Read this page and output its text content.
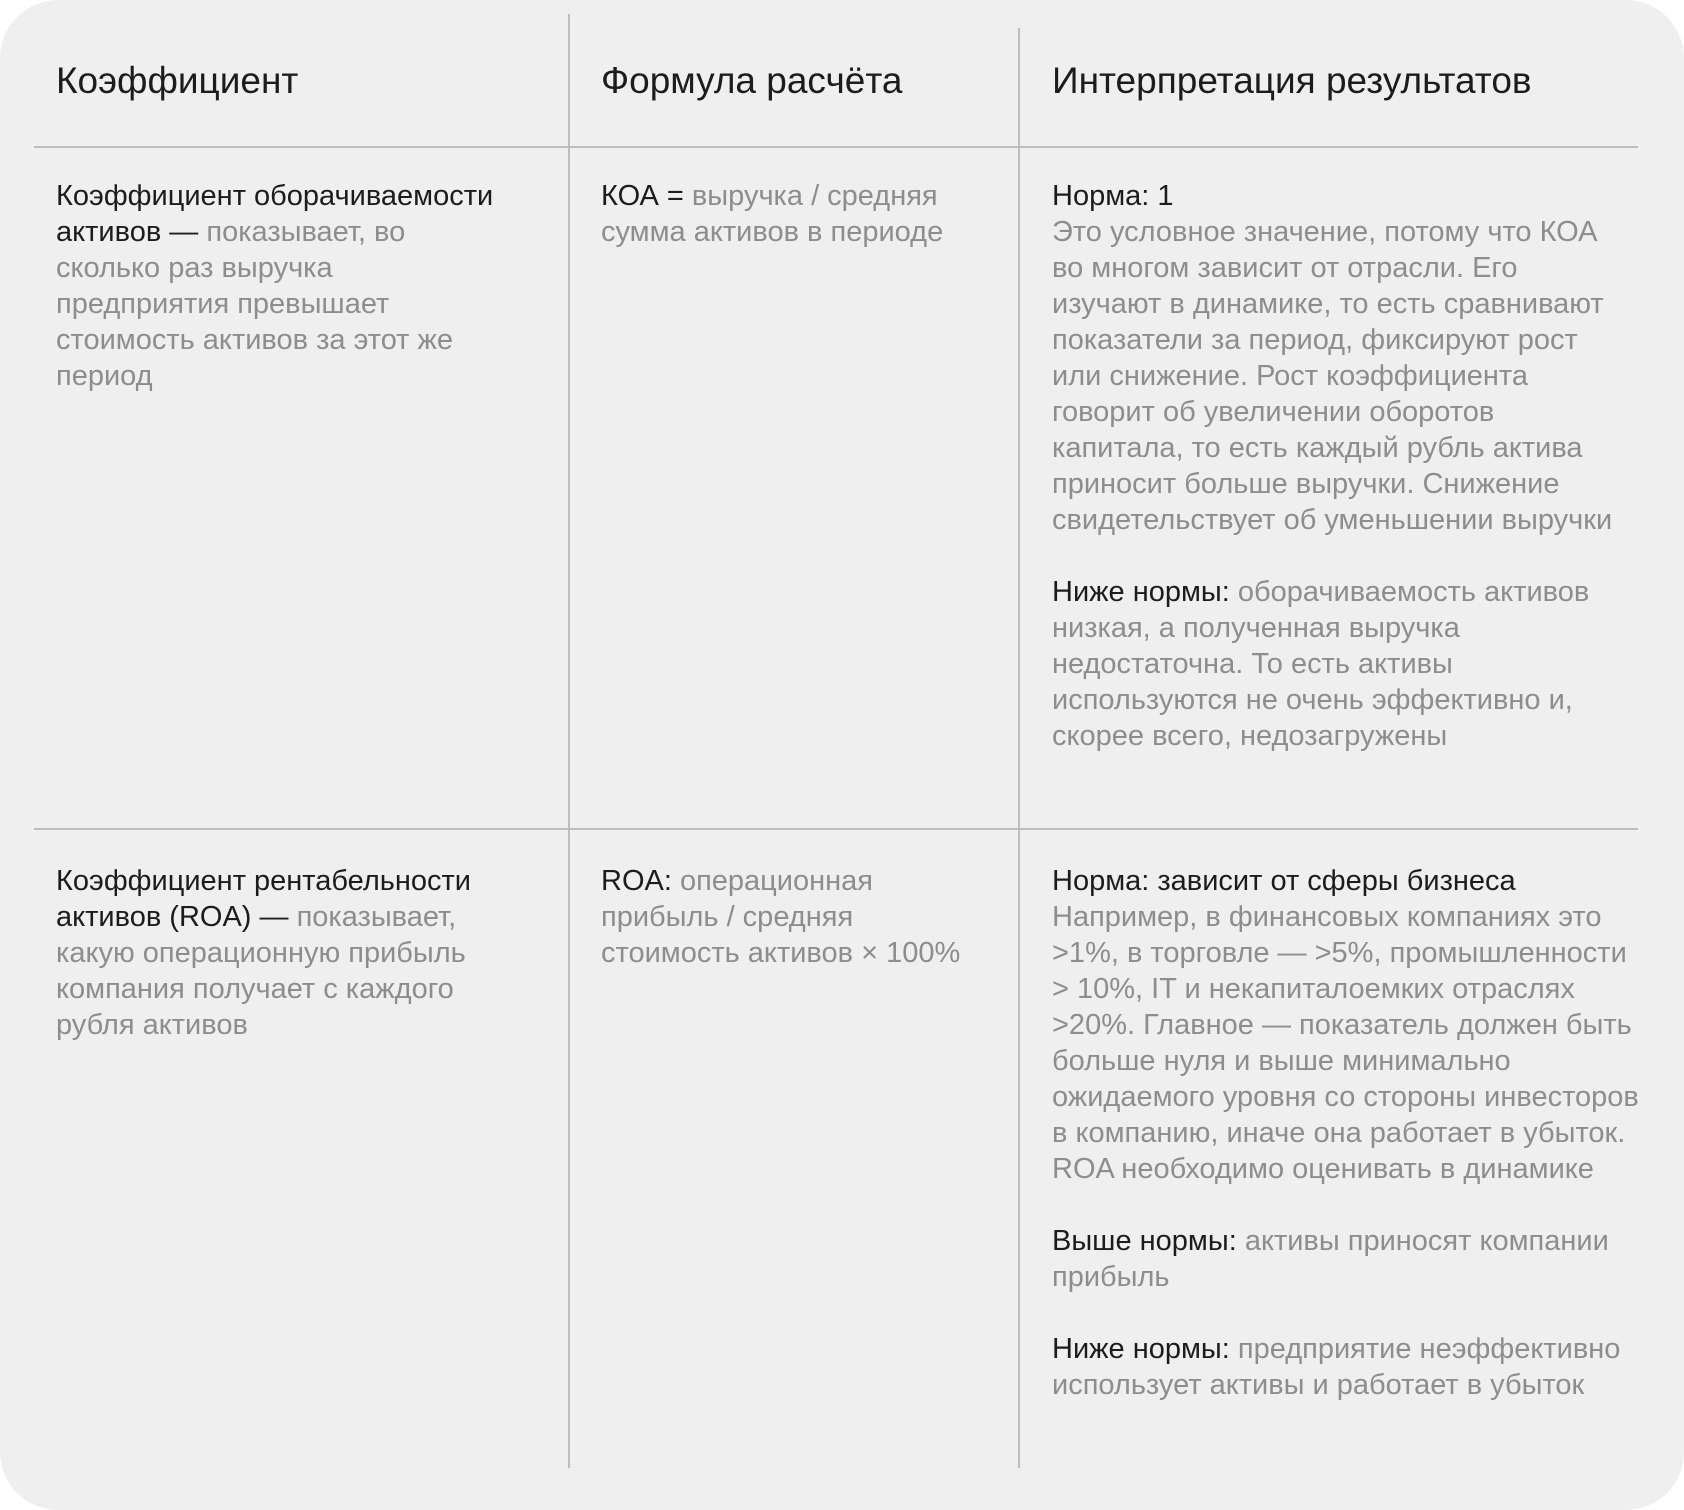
Коэффициент	Формула расчёта	Интерпретация результатов
Коэффициент оборачиваемости активов — показывает, во сколько раз выручка предприятия превышает стоимость активов за этот же период
КОА = выручка / средняя сумма активов в периоде

Норма: 1

Это условное значение, потому что КОА во многом зависит от отрасли. Его изучают в динамике, то есть сравнивают показатели за период, фиксируют рост или снижение. Рост коэффициента говорит об увеличении оборотов капитала, то есть каждый рубль актива приносит больше выручки. Снижение свидетельствует об уменьшении выручки

Ниже нормы: оборачиваемость активов низкая, а полученная выручка недостаточна. То есть активы используются не очень эффективно и, скорее всего, недозагружены

Коэффициент рентабельности активов (ROA) — показывает, какую операционную прибыль компания получает с каждого рубля активов
ROA: операционная прибыль / средняя стоимость активов × 100%

Норма: зависит от сферы бизнеса

Например, в финансовых компаниях это >1%, в торговле — >5%, промышленности > 10%, IT и некапиталоемких отраслях >20%. Главное — показатель должен быть больше нуля и выше минимально ожидаемого уровня со стороны инвесторов в компанию, иначе она работает в убыток. ROA необходимо оценивать в динамике

Выше нормы: активы приносят компании прибыль

Ниже нормы: предприятие неэффективно использует активы и работает в убыток
